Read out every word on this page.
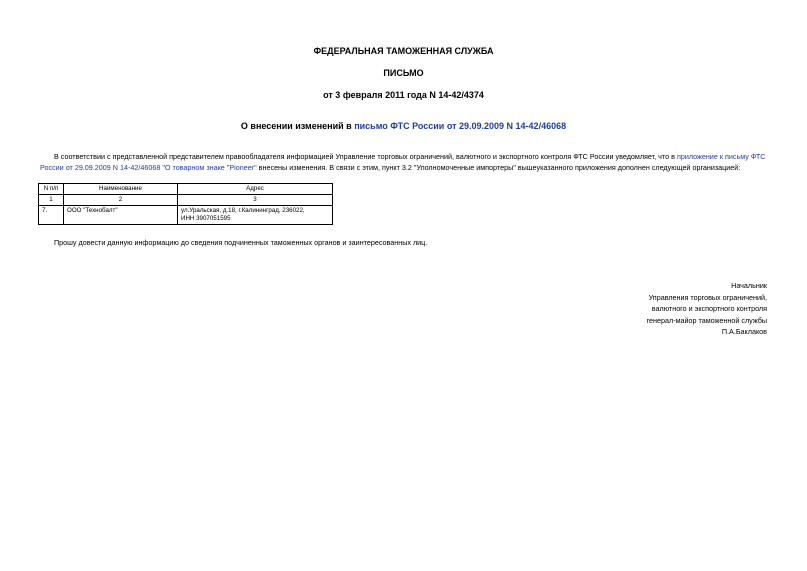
ФЕДЕРАЛЬНАЯ ТАМОЖЕННАЯ СЛУЖБА
ПИСЬМО
от 3 февраля 2011 года N 14-42/4374
О внесении изменений в письмо ФТС России от 29.09.2009 N 14-42/46068
В соответствии с представленной представителем правообладателя информацией Управление торговых ограничений, валютного и экспортного контроля ФТС России уведомляет, что в приложение к письму ФТС России от 29.09.2009 N 14-42/46068 "О товарном знаке "Pioneer" внесены изменения. В связи с этим, пункт 3.2 "Уполномоченные импортеры" вышеуказанного приложения дополнен следующей организацией:
N п/п	Наименование	Адрес
1	2	3
7.	ООО "Технобалт"	ул.Уральская, д.18, г.Калининград, 236022,
ИНН 3907051595
Прошу довести данную информацию до сведения подчиненных таможенных органов и заинтересованных лиц.
Начальник
Управления торговых ограничений,
валютного и экспортного контроля
генерал-майор таможенной службы
П.А.Баклаков
